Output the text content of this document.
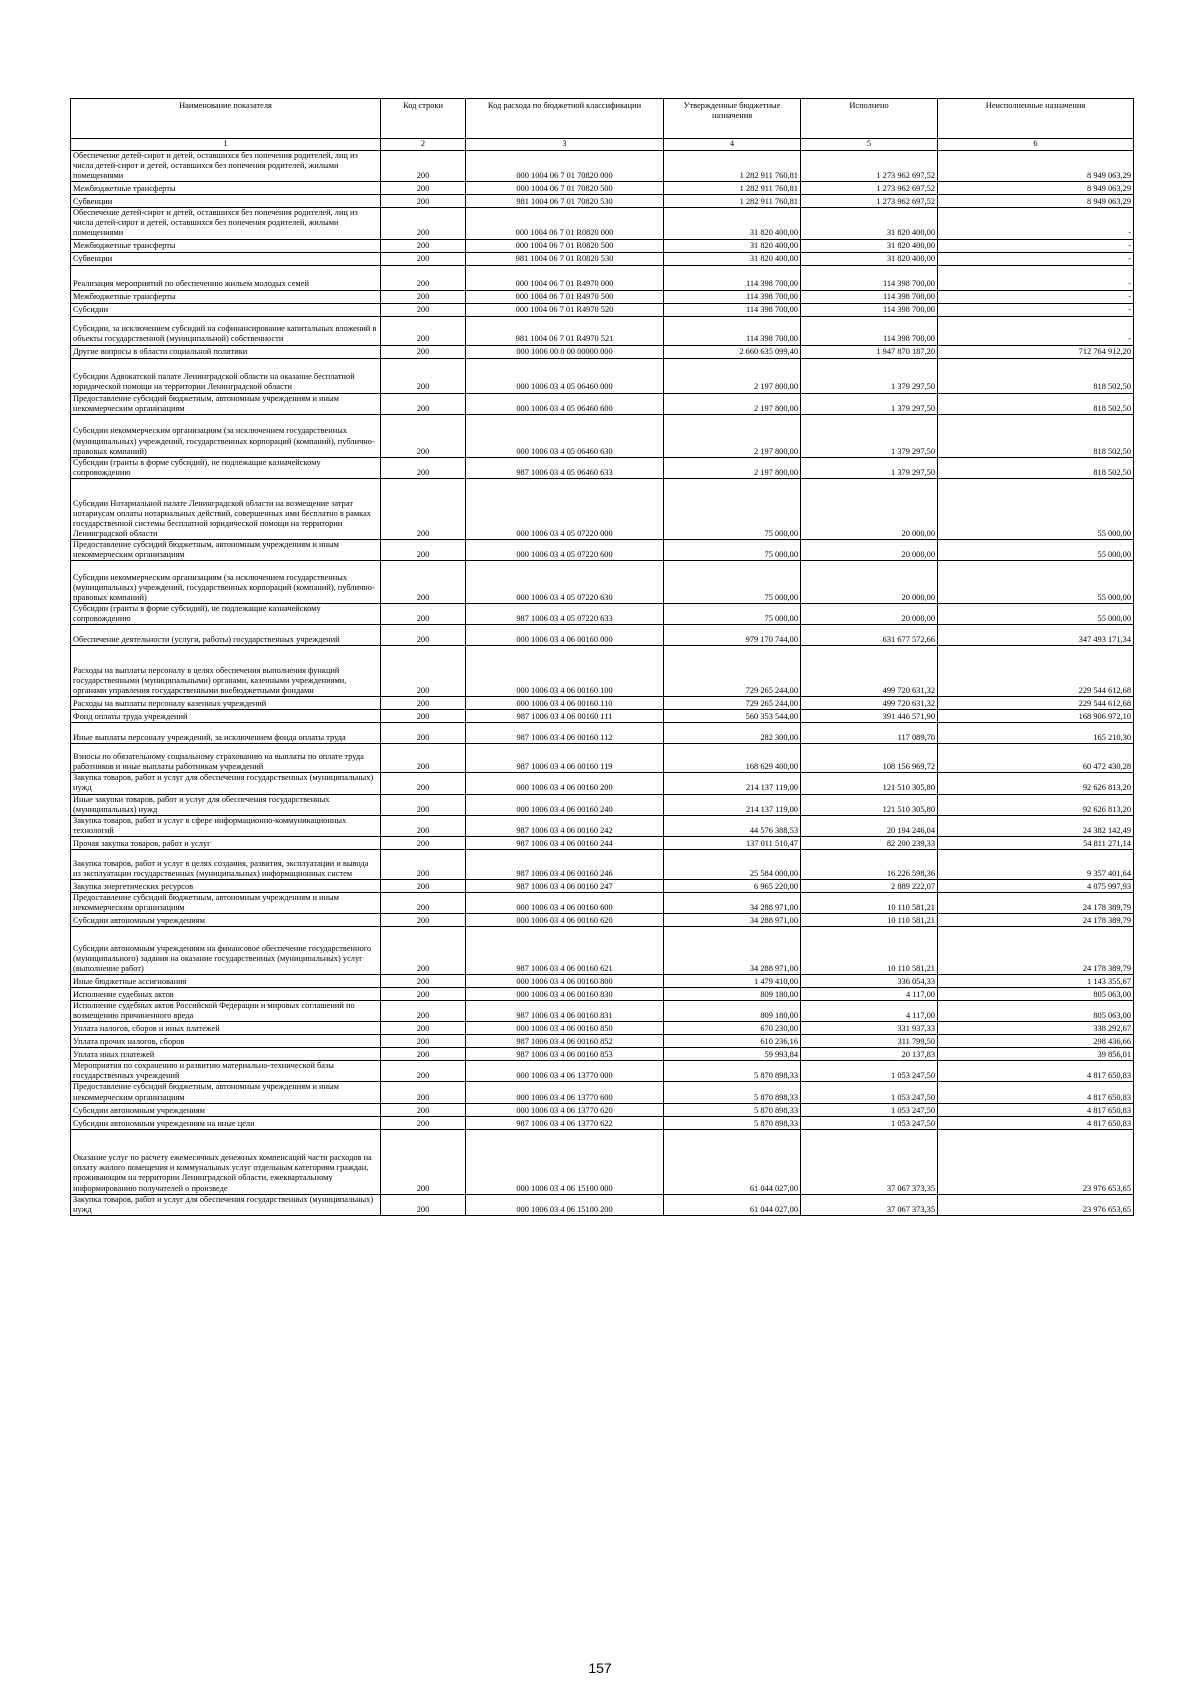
Наименование показателя	Код строки	Код расхода по бюджетной классификации	Утвержденные бюджетные назначения	Исполнено	Неисполненные назначения
1	2	3	4	5	6
Обеспечение детей-сирот и детей, оставшихся без попечения родителей, лиц из числа детей-сирот и детей, оставшихся без попечения родителей, жилыми помещениями	200	000 1004 06 7 01 70820 000	1 282 911 760,81	1 273 962 697,52	8 949 063,29
Межбюджетные трансферты	200	000 1004 06 7 01 70820 500	1 282 911 760,81	1 273 962 697,52	8 949 063,29
Субвенции	200	981 1004 06 7 01 70820 530	1 282 911 760,81	1 273 962 697,52	8 949 063,29
Обеспечение детей-сирот и детей, оставшихся без попечения родителей, лиц из числа детей-сирот и детей, оставшихся без попечения родителей, жилыми помещениями	200	000 1004 06 7 01 R0820 000	31 820 400,00	31 820 400,00	-
Межбюджетные трансферты	200	000 1004 06 7 01 R0820 500	31 820 400,00	31 820 400,00	-
Субвенции	200	981 1004 06 7 01 R0820 530	31 820 400,00	31 820 400,00	-
Реализация мероприятий по обеспечению жильем молодых семей	200	000 1004 06 7 01 R4970 000	114 398 700,00	114 398 700,00	-
Межбюджетные трансферты	200	000 1004 06 7 01 R4970 500	114 398 700,00	114 398 700,00	-
Субсидии	200	000 1004 06 7 01 R4970 520	114 398 700,00	114 398 700,00	-
Субсидии, за исключением субсидий на софинансирование капитальных вложений в объекты государственной (муниципальной) собственности	200	981 1004 06 7 01 R4970 521	114 398 700,00	114 398 700,00	-
Другие вопросы в области социальной политики	200	000 1006 00 0 00 00000 000	2 660 635 099,40	1 947 870 187,20	712 764 912,20
Субсидии Адвокатской палате Ленинградской области на оказание бесплатной юридической помощи на территории Ленинградской области	200	000 1006 03 4 05 06460 000	2 197 800,00	1 379 297,50	818 502,50
Предоставление субсидий бюджетным, автономным учреждениям и иным некоммерческим организациям	200	000 1006 03 4 05 06460 600	2 197 800,00	1 379 297,50	818 502,50
Субсидии некоммерческим организациям (за исключением государственных (муниципальных) учреждений, государственных корпораций (компаний), публично-правовых компаний)	200	000 1006 03 4 05 06460 630	2 197 800,00	1 379 297,50	818 502,50
Субсидии (гранты в форме субсидий), не подлежащие казначейскому сопровождению	200	987 1006 03 4 05 06460 633	2 197 800,00	1 379 297,50	818 502,50
Субсидии Нотариальной палате Ленинградской области на возмещение затрат нотариусам оплаты нотариальных действий, совершенных ими бесплатно в рамках государственной системы бесплатной юридической помощи на территории Ленинградской области	200	000 1006 03 4 05 07220 000	75 000,00	20 000,00	55 000,00
Предоставление субсидий бюджетным, автономным учреждениям и иным некоммерческим организациям	200	000 1006 03 4 05 07220 600	75 000,00	20 000,00	55 000,00
Субсидии некоммерческим организациям (за исключением государственных (муниципальных) учреждений, государственных корпораций (компаний), публично-правовых компаний)	200	000 1006 03 4 05 07220 630	75 000,00	20 000,00	55 000,00
Субсидии (гранты в форме субсидий), не подлежащие казначейскому сопровождению	200	987 1006 03 4 05 07220 633	75 000,00	20 000,00	55 000,00
Обеспечение деятельности (услуги, работы) государственных учреждений	200	000 1006 03 4 06 00160 000	979 170 744,00	631 677 572,66	347 493 171,34
Расходы на выплаты персоналу в целях обеспечения выполнения функций государственными (муниципальными) органами, казенными учреждениями, органами управления государственными внебюджетными фондами	200	000 1006 03 4 06 00160 100	729 265 244,00	499 720 631,32	229 544 612,68
Расходы на выплаты персоналу казенных учреждений	200	000 1006 03 4 06 00160 110	729 265 244,00	499 720 631,32	229 544 612,68
Фонд оплаты труда учреждений	200	987 1006 03 4 06 00160 111	560 353 544,00	391 446 571,90	168 906 972,10
Иные выплаты персоналу учреждений, за исключением фонда оплаты труда	200	987 1006 03 4 06 00160 112	282 300,00	117 089,70	165 210,30
Взносы по обязательному социальному страхованию на выплаты по оплате труда работников и иные выплаты работникам учреждений	200	987 1006 03 4 06 00160 119	168 629 400,00	108 156 969,72	60 472 430,28
Закупка товаров, работ и услуг для обеспечения государственных (муниципальных) нужд	200	000 1006 03 4 06 00160 200	214 137 119,00	121 510 305,80	92 626 813,20
Иные закупки товаров, работ и услуг для обеспечения государственных (муниципальных) нужд	200	000 1006 03 4 06 00160 240	214 137 119,00	121 510 305,80	92 626 813,20
Закупка товаров, работ и услуг в сфере информационно-коммуникационных технологий	200	987 1006 03 4 06 00160 242	44 576 388,53	20 194 246,04	24 382 142,49
Прочая закупка товаров, работ и услуг	200	987 1006 03 4 06 00160 244	137 011 510,47	82 200 239,33	54 811 271,14
Закупка товаров, работ и услуг в целях создания, развития, эксплуатации и вывода из эксплуатации государственных (муниципальных) информационных систем	200	987 1006 03 4 06 00160 246	25 584 000,00	16 226 598,36	9 357 401,64
Закупка энергетических ресурсов	200	987 1006 03 4 06 00160 247	6 965 220,00	2 889 222,07	4 075 997,93
Предоставление субсидий бюджетным, автономным учреждениям и иным некоммерческим организациям	200	000 1006 03 4 06 00160 600	34 288 971,00	10 110 581,21	24 178 389,79
Субсидии автономным учреждениям	200	000 1006 03 4 06 00160 620	34 288 971,00	10 110 581,21	24 178 389,79
Субсидии автономным учреждениям на финансовое обеспечение государственного (муниципального) задания на оказание государственных (муниципальных) услуг (выполнение работ)	200	987 1006 03 4 06 00160 621	34 288 971,00	10 110 581,21	24 178 389,79
Иные бюджетные ассигнования	200	000 1006 03 4 06 00160 800	1 479 410,00	336 054,33	1 143 355,67
Исполнение судебных актов	200	000 1006 03 4 06 00160 830	809 180,00	4 117,00	805 063,00
Исполнение судебных актов Российской Федерации и мировых соглашений по возмещению причиненного вреда	200	987 1006 03 4 06 00160 831	809 180,00	4 117,00	805 063,00
Уплата налогов, сборов и иных платежей	200	000 1006 03 4 06 00160 850	670 230,00	331 937,33	338 292,67
Уплата прочих налогов, сборов	200	987 1006 03 4 06 00160 852	610 236,16	311 799,50	298 436,66
Уплата иных платежей	200	987 1006 03 4 06 00160 853	59 993,84	20 137,83	39 856,01
Мероприятия по сохранению и развитию материально-технической базы государственных учреждений	200	000 1006 03 4 06 13770 000	5 870 898,33	1 053 247,50	4 817 650,83
Предоставление субсидий бюджетным, автономным учреждениям и иным некоммерческим организациям	200	000 1006 03 4 06 13770 600	5 870 898,33	1 053 247,50	4 817 650,83
Субсидии автономным учреждениям	200	000 1006 03 4 06 13770 620	5 870 898,33	1 053 247,50	4 817 650,83
Субсидии автономным учреждениям на иные цели	200	987 1006 03 4 06 13770 622	5 870 898,33	1 053 247,50	4 817 650,83
Оказание услуг по расчету ежемесячных денежных компенсаций части расходов на оплату жилого помещения и коммунальных услуг отдельным категориям граждан, проживающим на территории Ленинградской области, ежеквартальному информированию получателей о произведе	200	000 1006 03 4 06 15100 000	61 044 027,00	37 067 373,35	23 976 653,65
Закупка товаров, работ и услуг для обеспечения государственных (муниципальных) нужд	200	000 1006 03 4 06 15100 200	61 044 027,00	37 067 373,35	23 976 653,65
157
